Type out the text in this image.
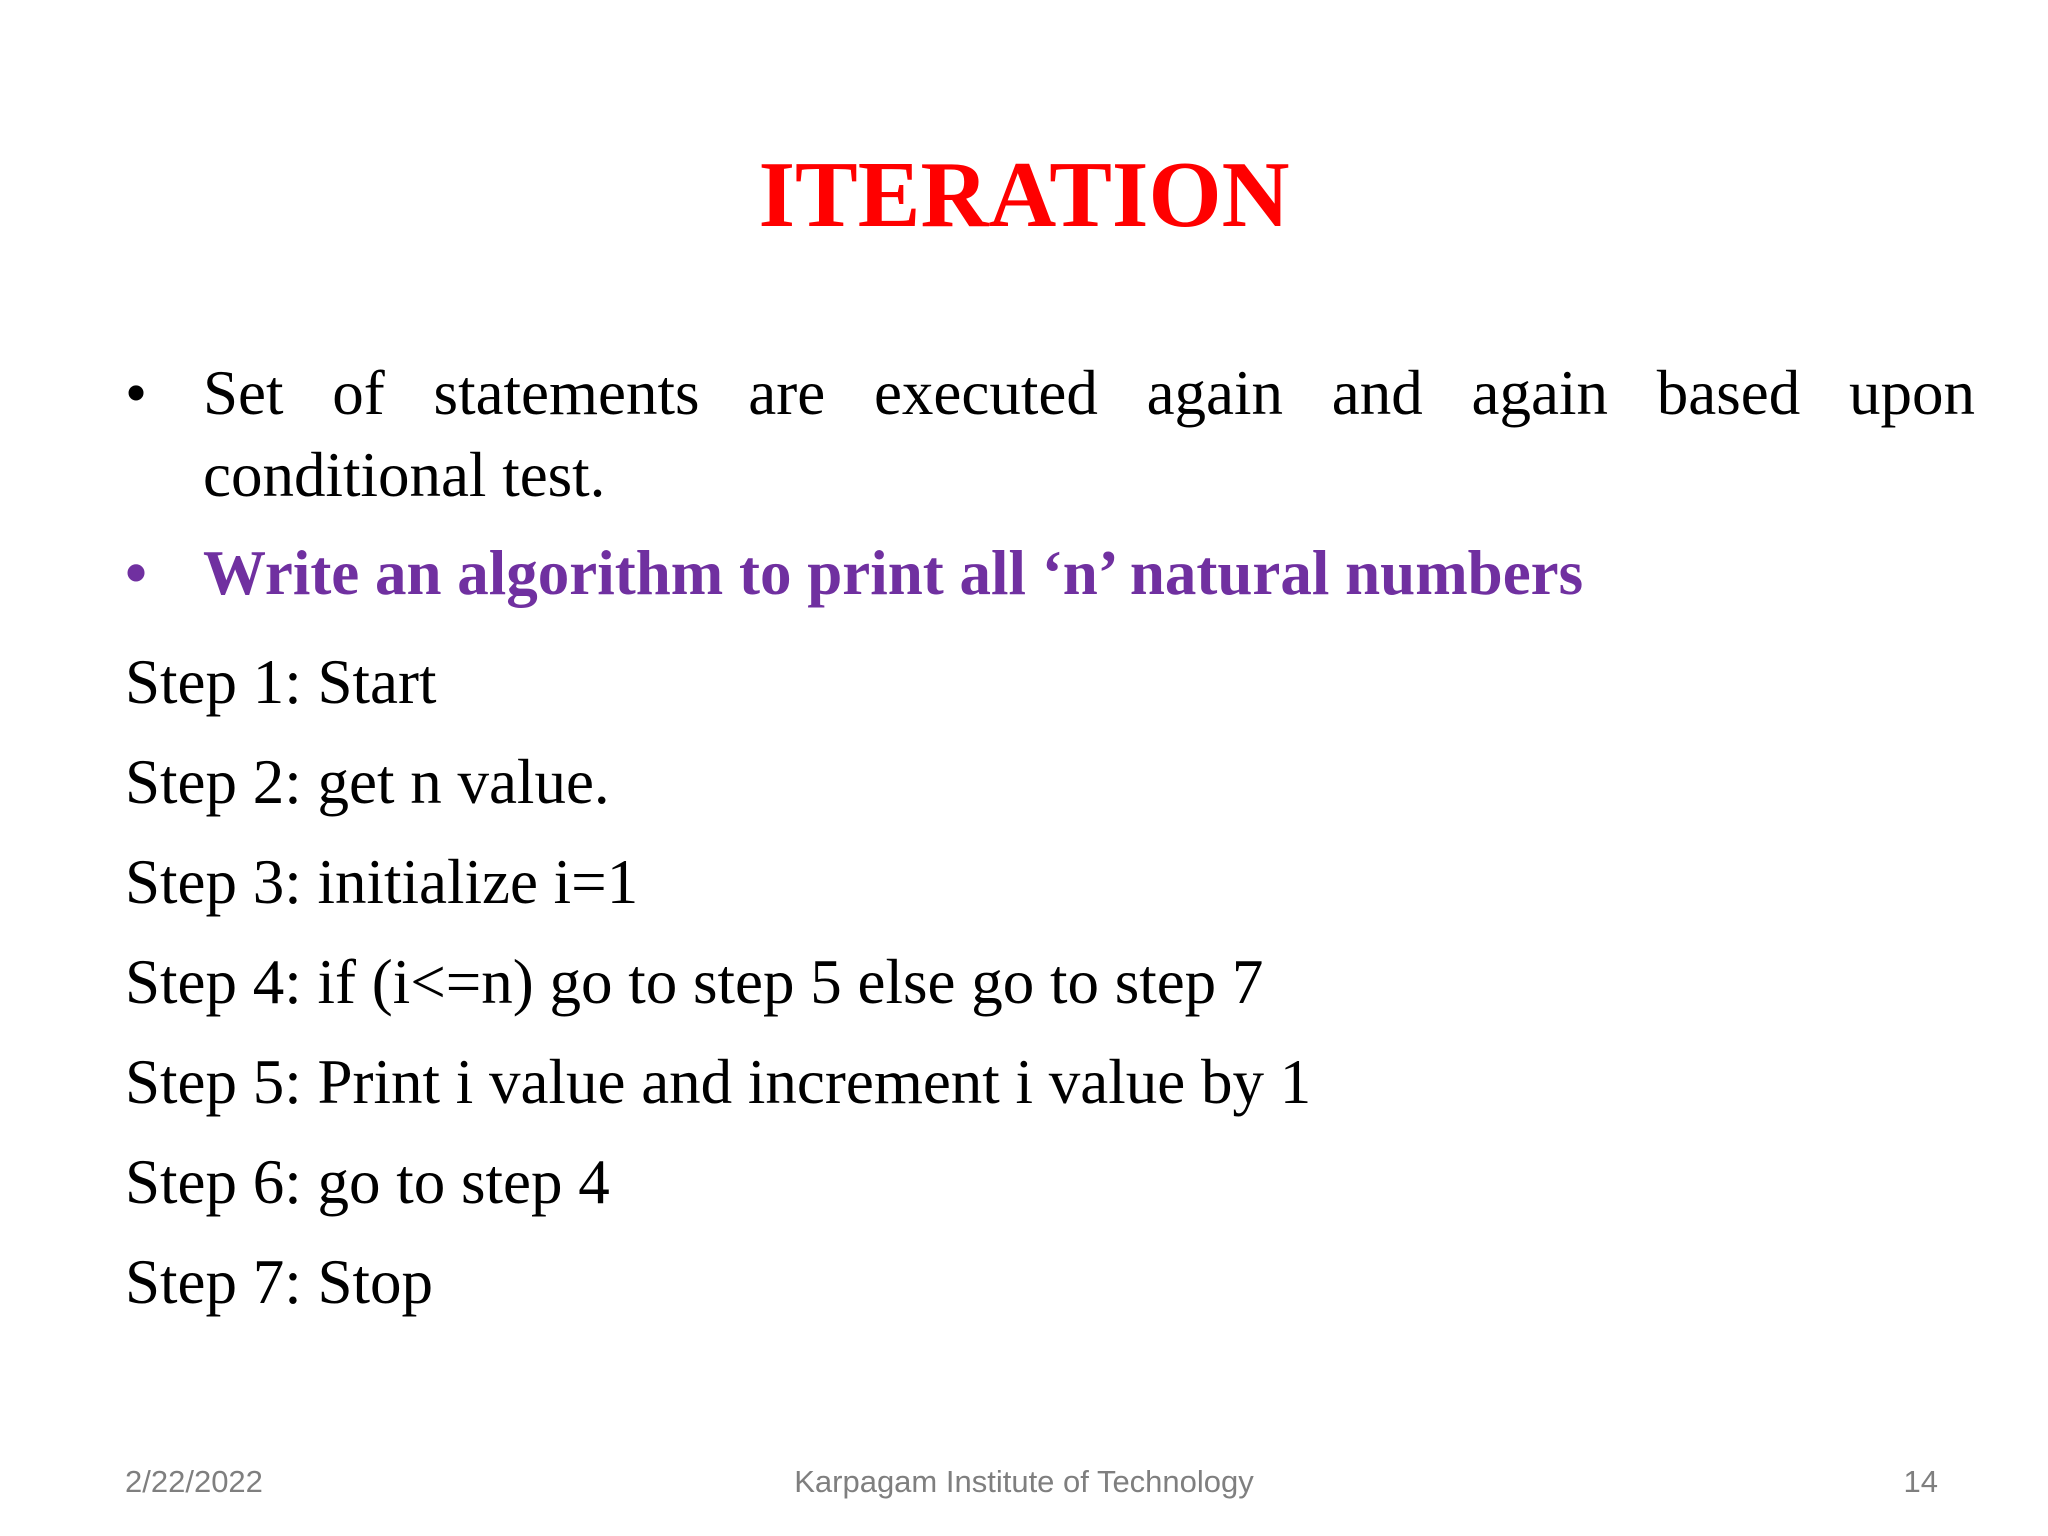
ITERATION
• Set of statements are executed again and again based upon conditional test.
• Write an algorithm to print all ‘n’ natural numbers
Step 1: Start
Step 2: get n value.
Step 3: initialize i=1
Step 4: if (i<=n) go to step 5 else go to step 7
Step 5: Print i value and increment i value by 1
Step 6: go to step 4
Step 7: Stop
2/22/2022	Karpagam Institute of Technology	14
